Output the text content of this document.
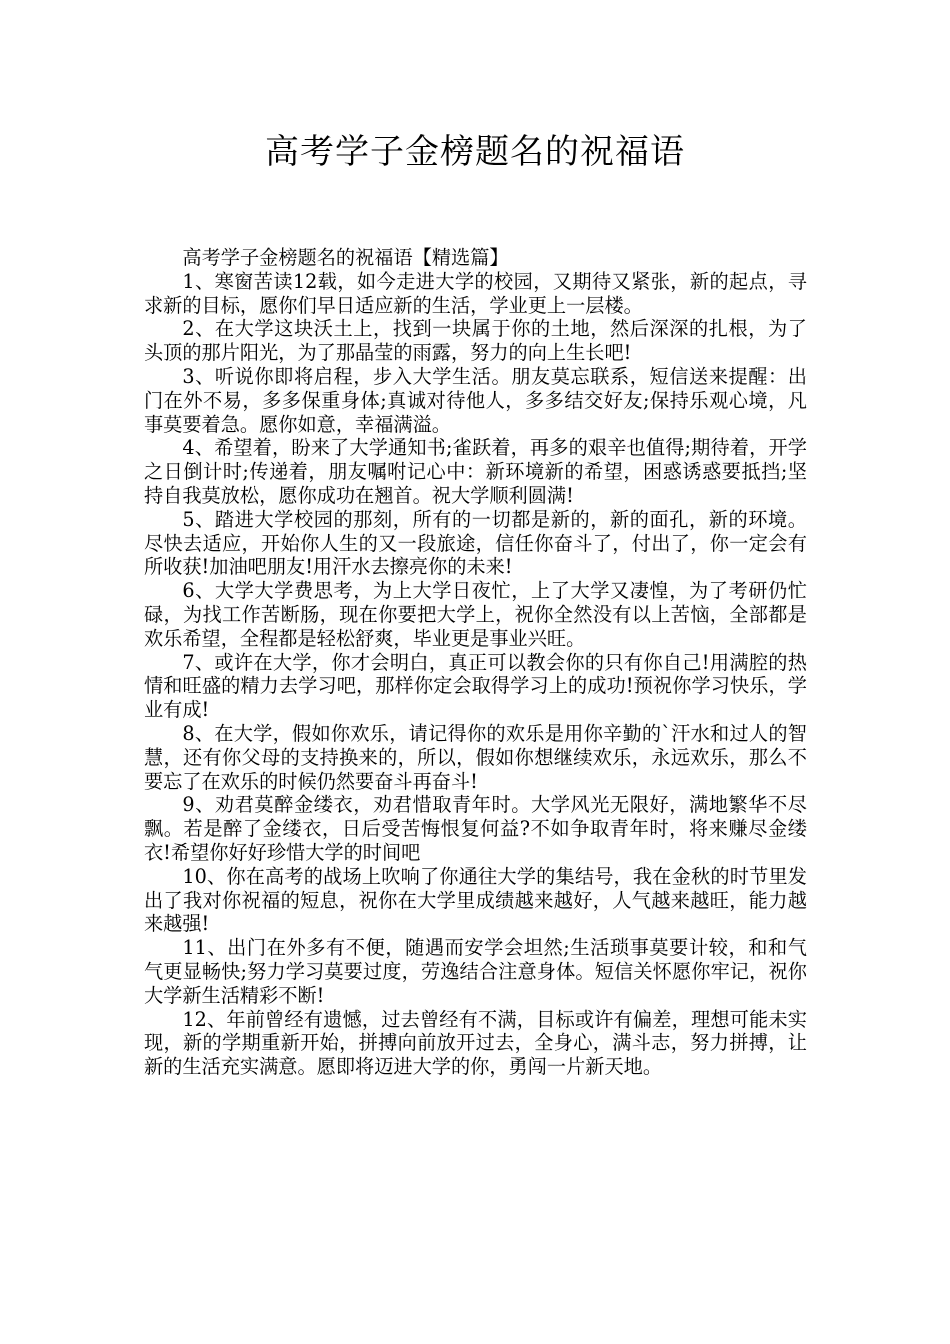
高考学子金榜题名的祝福语

高考学子金榜题名的祝福语【精选篇】

1、寒窗苦读12载，如今走进大学的校园，又期待又紧张，新的起点，寻求新的目标，愿你们早日适应新的生活，学业更上一层楼。

2、在大学这块沃土上，找到一块属于你的土地，然后深深的扎根，为了头顶的那片阳光，为了那晶莹的雨露，努力的向上生长吧!

3、听说你即将启程，步入大学生活。朋友莫忘联系，短信送来提醒：出门在外不易，多多保重身体;真诚对待他人，多多结交好友;保持乐观心境，凡事莫要着急。愿你如意，幸福满溢。

4、希望着，盼来了大学通知书;雀跃着，再多的艰辛也值得;期待着，开学之日倒计时;传递着，朋友嘱咐记心中：新环境新的希望，困惑诱惑要抵挡;坚持自我莫放松，愿你成功在翘首。祝大学顺利圆满!

5、踏进大学校园的那刻，所有的一切都是新的，新的面孔，新的环境。尽快去适应，开始你人生的又一段旅途，信任你奋斗了，付出了，你一定会有所收获!加油吧朋友!用汗水去擦亮你的未来!

6、大学大学费思考，为上大学日夜忙，上了大学又凄惶，为了考研仍忙碌，为找工作苦断肠，现在你要把大学上，祝你全然没有以上苦恼，全部都是欢乐希望，全程都是轻松舒爽，毕业更是事业兴旺。

7、或许在大学，你才会明白，真正可以教会你的只有你自己!用满腔的热情和旺盛的精力去学习吧，那样你定会取得学习上的成功!预祝你学习快乐，学业有成!

8、在大学，假如你欢乐，请记得你的欢乐是用你辛勤的`汗水和过人的智慧，还有你父母的支持换来的，所以，假如你想继续欢乐，永远欢乐，那么不要忘了在欢乐的时候仍然要奋斗再奋斗!

9、劝君莫醉金缕衣，劝君惜取青年时。大学风光无限好，满地繁华不尽飘。若是醉了金缕衣，日后受苦悔恨复何益?不如争取青年时，将来赚尽金缕衣!希望你好好珍惜大学的时间吧

10、你在高考的战场上吹响了你通往大学的集结号，我在金秋的时节里发出了我对你祝福的短息，祝你在大学里成绩越来越好，人气越来越旺，能力越来越强!

11、出门在外多有不便，随遇而安学会坦然;生活琐事莫要计较，和和气气更显畅快;努力学习莫要过度，劳逸结合注意身体。短信关怀愿你牢记，祝你大学新生活精彩不断!

12、年前曾经有遗憾，过去曾经有不满，目标或许有偏差，理想可能未实现，新的学期重新开始，拼搏向前放开过去，全身心，满斗志，努力拼搏，让新的生活充实满意。愿即将迈进大学的你，勇闯一片新天地。
